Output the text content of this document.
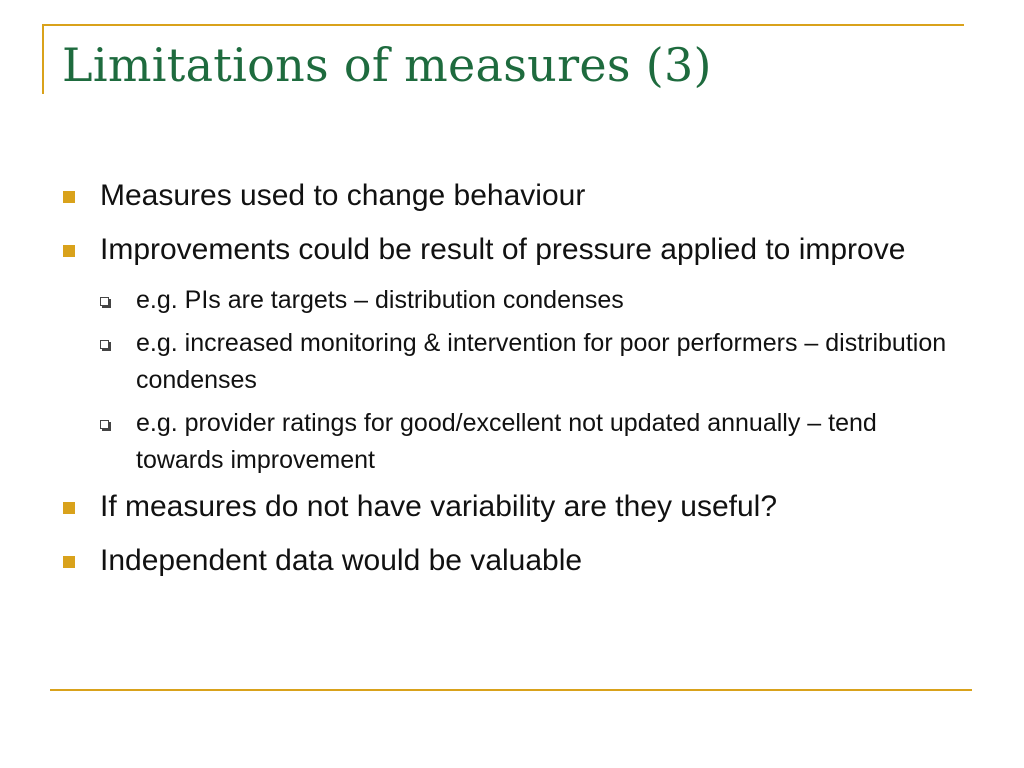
Limitations of measures (3)
Measures used to change behaviour
Improvements could be result of pressure applied to improve
e.g. PIs are targets – distribution condenses
e.g. increased monitoring & intervention for poor performers – distribution condenses
e.g. provider ratings for good/excellent not updated annually – tend towards improvement
If measures do not have variability are they useful?
Independent data would be valuable
